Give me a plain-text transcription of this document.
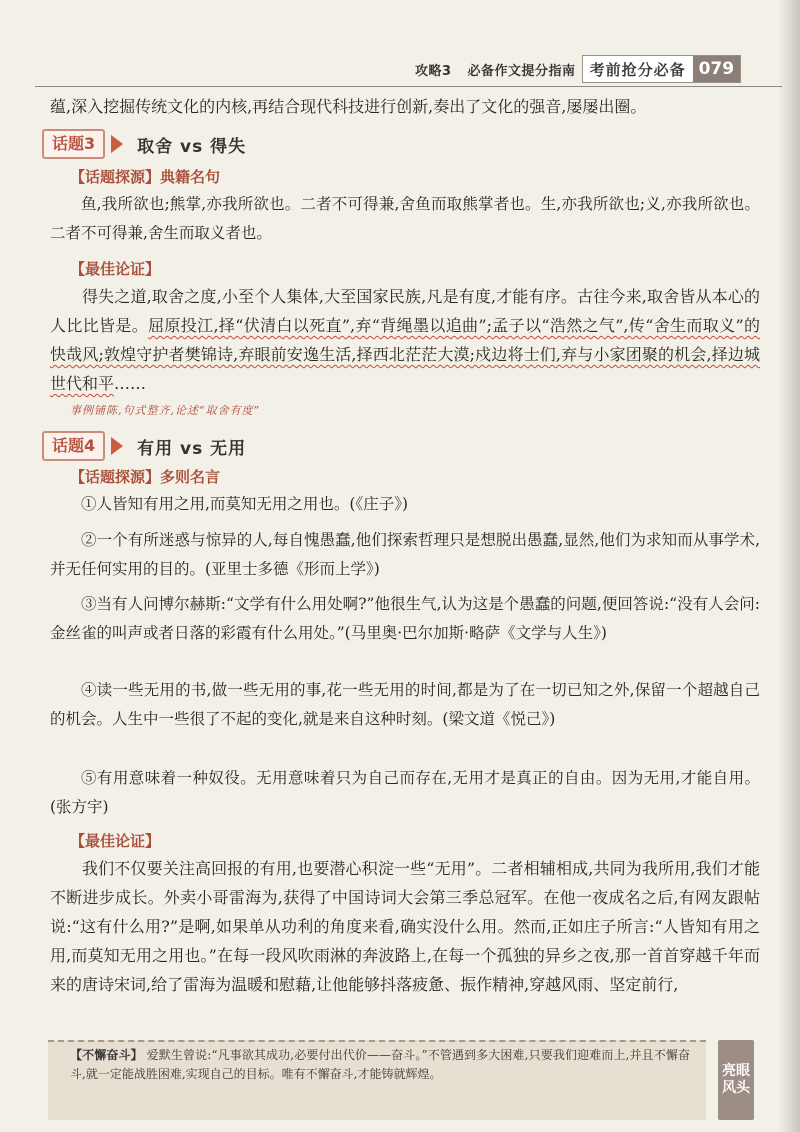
攻略3 必备作文提分指南 考前抢分必备 079
蕴,深入挖掘传统文化的内核,再结合现代科技进行创新,奏出了文化的强音,屡屡出圈。
话题3	取舍 vs 得失
【话题探源】典籍名句
鱼,我所欲也;熊掌,亦我所欲也。二者不可得兼,舍鱼而取熊掌者也。生,亦我所欲也;义,亦我所欲也。二者不可得兼,舍生而取义者也。
【最佳论证】
得失之道,取舍之度,小至个人集体,大至国家民族,凡是有度,才能有序。古往今来,取舍皆从本心的人比比皆是。屈原投江,择“伏清白以死直”,弃“背绳墨以追曲”;孟子以“浩然之气”,传“舍生而取义”的快哉风;敦煌守护者樊锦诗,弃眼前安逸生活,择西北茫茫大漠;戍边将士们,弃与小家团聚的机会,择边城世代和平……
事例铺陈,句式整齐,论述“取舍有度”
话题4	有用 vs 无用
【话题探源】多则名言
①人皆知有用之用,而莫知无用之用也。(《庄子》)
②一个有所迷惑与惊异的人,每自愧愚蠢,他们探索哲理只是想脱出愚蠢,显然,他们为求知而从事学术,并无任何实用的目的。(亚里士多德《形而上学》)
③当有人问博尔赫斯:“文学有什么用处啊?”他很生气,认为这是个愚蠢的问题,便回答说:“没有人会问:金丝雀的叫声或者日落的彩霞有什么用处。”(马里奥·巴尔加斯·略萨《文学与人生》)
④读一些无用的书,做一些无用的事,花一些无用的时间,都是为了在一切已知之外,保留一个超越自己的机会。人生中一些很了不起的变化,就是来自这种时刻。(梁文道《悦己》)
⑤有用意味着一种奴役。无用意味着只为自己而存在,无用才是真正的自由。因为无用,才能自用。(张方宇)
【最佳论证】
我们不仅要关注高回报的有用,也要潜心积淀一些“无用”。二者相辅相成,共同为我所用,我们才能不断进步成长。外卖小哥雷海为,获得了中国诗词大会第三季总冠军。在他一夜成名之后,有网友跟帖说:“这有什么用?”是啊,如果单从功利的角度来看,确实没什么用。然而,正如庄子所言:“人皆知有用之用,而莫知无用之用也。”在每一段风吹雨淋的奔波路上,在每一个孤独的异乡之夜,那一首首穿越千年而来的唐诗宋词,给了雷海为温暖和慰藉,让他能够抖落疲惫、振作精神,穿越风雨、坚定前行,
【不懈奋斗】 爱默生曾说:“凡事欲其成功,必要付出代价——奋斗。”不管遇到多大困难,只要我们迎难而上,并且不懈奋斗,就一定能战胜困难,实现自己的目标。唯有不懈奋斗,才能铸就辉煌。	亮眼
风头
